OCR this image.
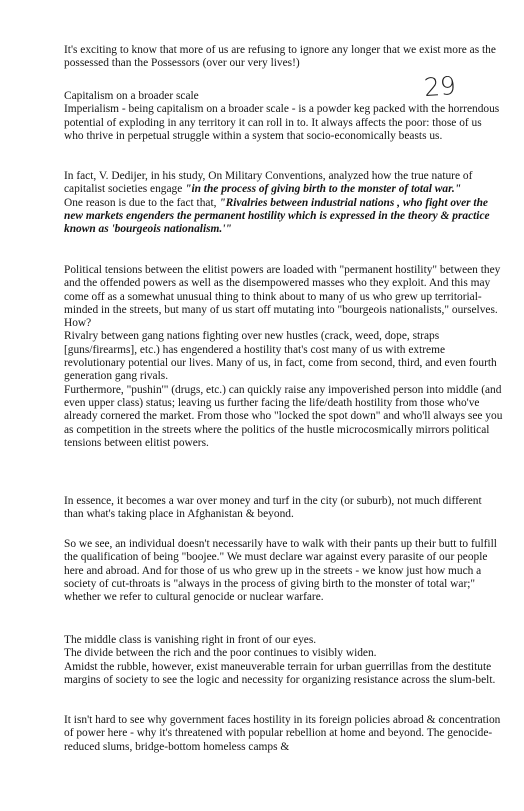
29

It's exciting to know that more of us are refusing to ignore any longer that we exist more as the possessed than the Possessors (over our very lives!)

Capitalism on a broader scale
Imperialism - being capitalism on a broader scale - is a powder keg packed with the horrendous potential of exploding in any territory it can roll in to. It always affects the poor: those of us who thrive in perpetual struggle within a system that socio-economically beasts us.
In fact, V. Dedijer, in his study, On Military Conventions, analyzed how the true nature of capitalist societies engage "in the process of giving birth to the monster of total war."
One reason is due to the fact that, "Rivalries between industrial nations , who fight over the new markets engenders the permanent hostility which is expressed in the theory & practice known as 'bourgeois nationalism.'"
Political tensions between the elitist powers are loaded with "permanent hostility" between they and the offended powers as well as the disempowered masses who they exploit. And this may come off as a somewhat unusual thing to think about to many of us who grew up territorial-minded in the streets, but many of us start off mutating into "bourgeois nationalists," ourselves.
How?
Rivalry between gang nations fighting over new hustles (crack, weed, dope, straps [guns/firearms], etc.) has engendered a hostility that's cost many of us with extreme revolutionary potential our lives. Many of us, in fact, come from second, third, and even fourth generation gang rivals.
Furthermore, "pushin'" (drugs, etc.) can quickly raise any impoverished person into middle (and even upper class) status; leaving us further facing the life/death hostility from those who've already cornered the market. From those who "locked the spot down" and who'll always see you as competition in the streets where the politics of the hustle microcosmically mirrors political tensions between elitist powers.

In essence, it becomes a war over money and turf in the city (or suburb), not much different than what's taking place in Afghanistan & beyond.

So we see, an individual doesn't necessarily have to walk with their pants up their butt to fulfill the qualification of being "boojee." We must declare war against every parasite of our people here and abroad. And for those of us who grew up in the streets - we know just how much a society of cut-throats is "always in the process of giving birth to the monster of total war;" whether we refer to cultural genocide or nuclear warfare.

The middle class is vanishing right in front of our eyes.
The divide between the rich and the poor continues to visibly widen.
Amidst the rubble, however, exist maneuverable terrain for urban guerrillas from the destitute margins of society to see the logic and necessity for organizing resistance across the slum-belt.

It isn't hard to see why government faces hostility in its foreign policies abroad & concentration of power here - why it's threatened with popular rebellion at home and beyond. The genocide-reduced slums, bridge-bottom homeless camps &
